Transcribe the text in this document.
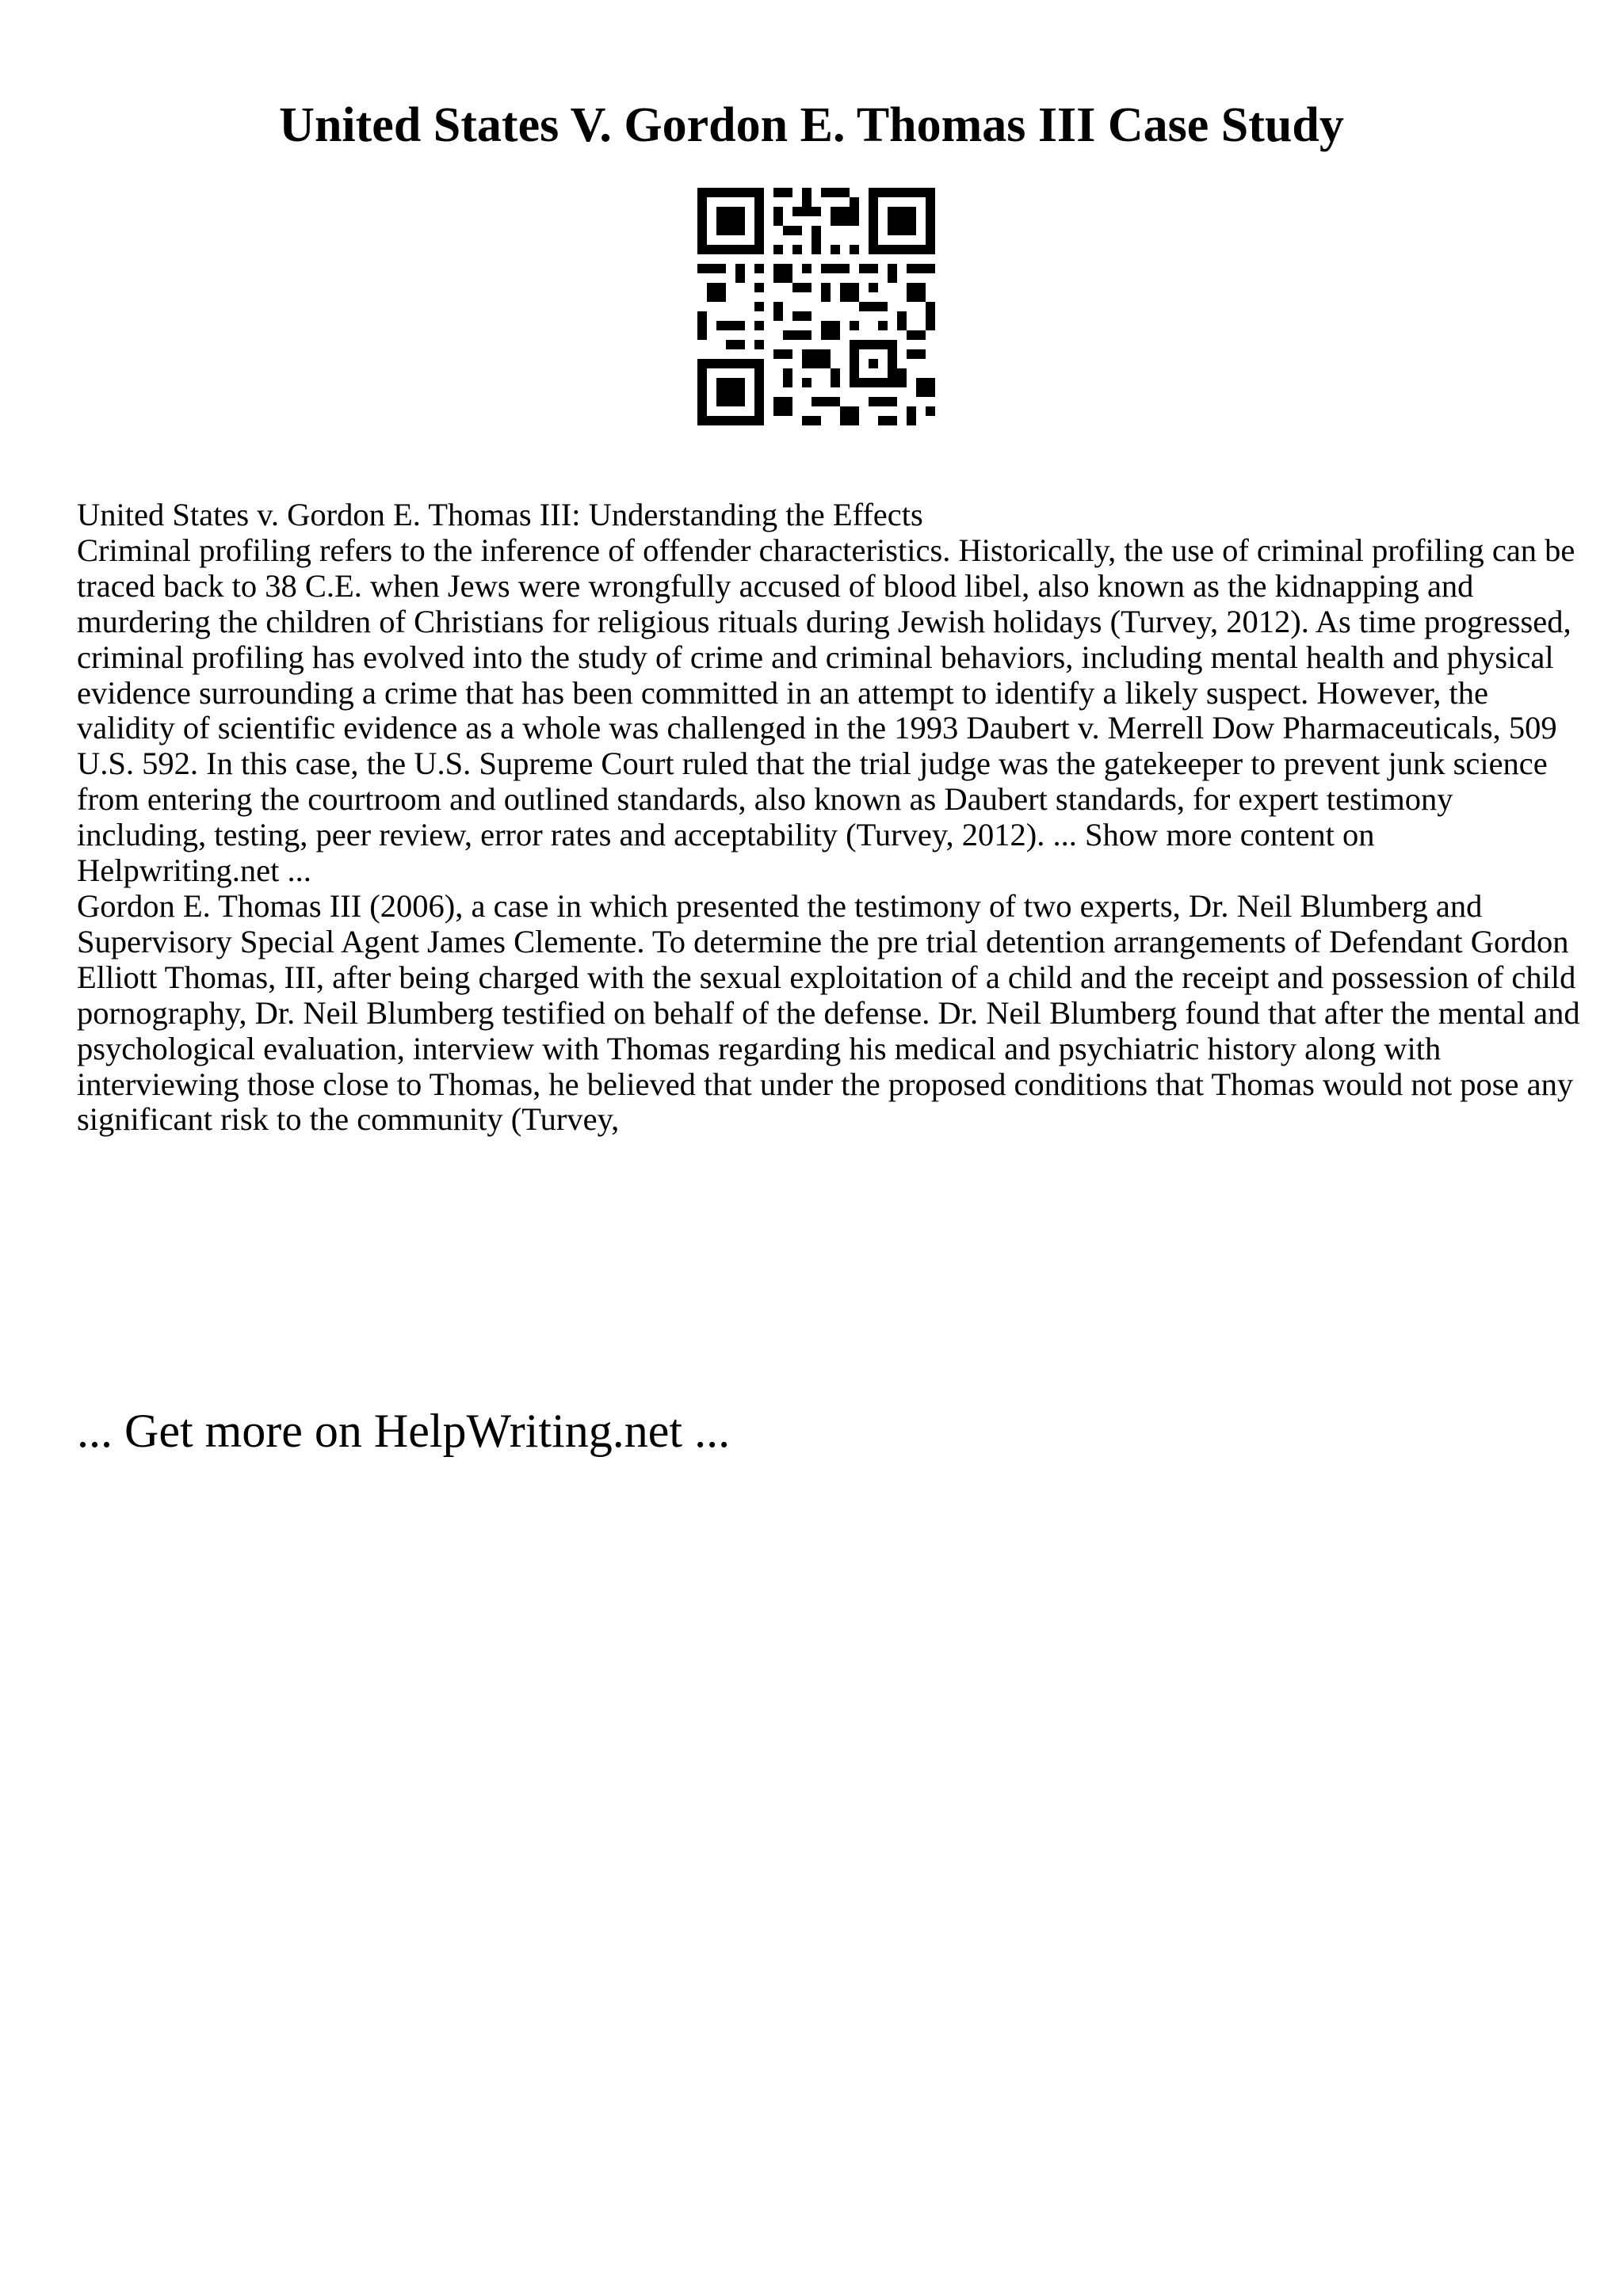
United States V. Gordon E. Thomas III Case Study

United States v. Gordon E. Thomas III: Understanding the Effects

Criminal profiling refers to the inference of offender characteristics. Historically, the use of criminal profiling can be traced back to 38 C.E. when Jews were wrongfully accused of blood libel, also known as the kidnapping and murdering the children of Christians for religious rituals during Jewish holidays (Turvey, 2012). As time progressed, criminal profiling has evolved into the study of crime and criminal behaviors, including mental health and physical evidence surrounding a crime that has been committed in an attempt to identify a likely suspect. However, the validity of scientific evidence as a whole was challenged in the 1993 Daubert v. Merrell Dow Pharmaceuticals, 509 U.S. 592. In this case, the U.S. Supreme Court ruled that the trial judge was the gatekeeper to prevent junk science from entering the courtroom and outlined standards, also known as Daubert standards, for expert testimony including, testing, peer review, error rates and acceptability (Turvey, 2012). ... Show more content on Helpwriting.net ...

Gordon E. Thomas III (2006), a case in which presented the testimony of two experts, Dr. Neil Blumberg and Supervisory Special Agent James Clemente. To determine the pre trial detention arrangements of Defendant Gordon Elliott Thomas, III, after being charged with the sexual exploitation of a child and the receipt and possession of child pornography, Dr. Neil Blumberg testified on behalf of the defense. Dr. Neil Blumberg found that after the mental and psychological evaluation, interview with Thomas regarding his medical and psychiatric history along with interviewing those close to Thomas, he believed that under the proposed conditions that Thomas would not pose any significant risk to the community (Turvey,

... Get more on HelpWriting.net ...
